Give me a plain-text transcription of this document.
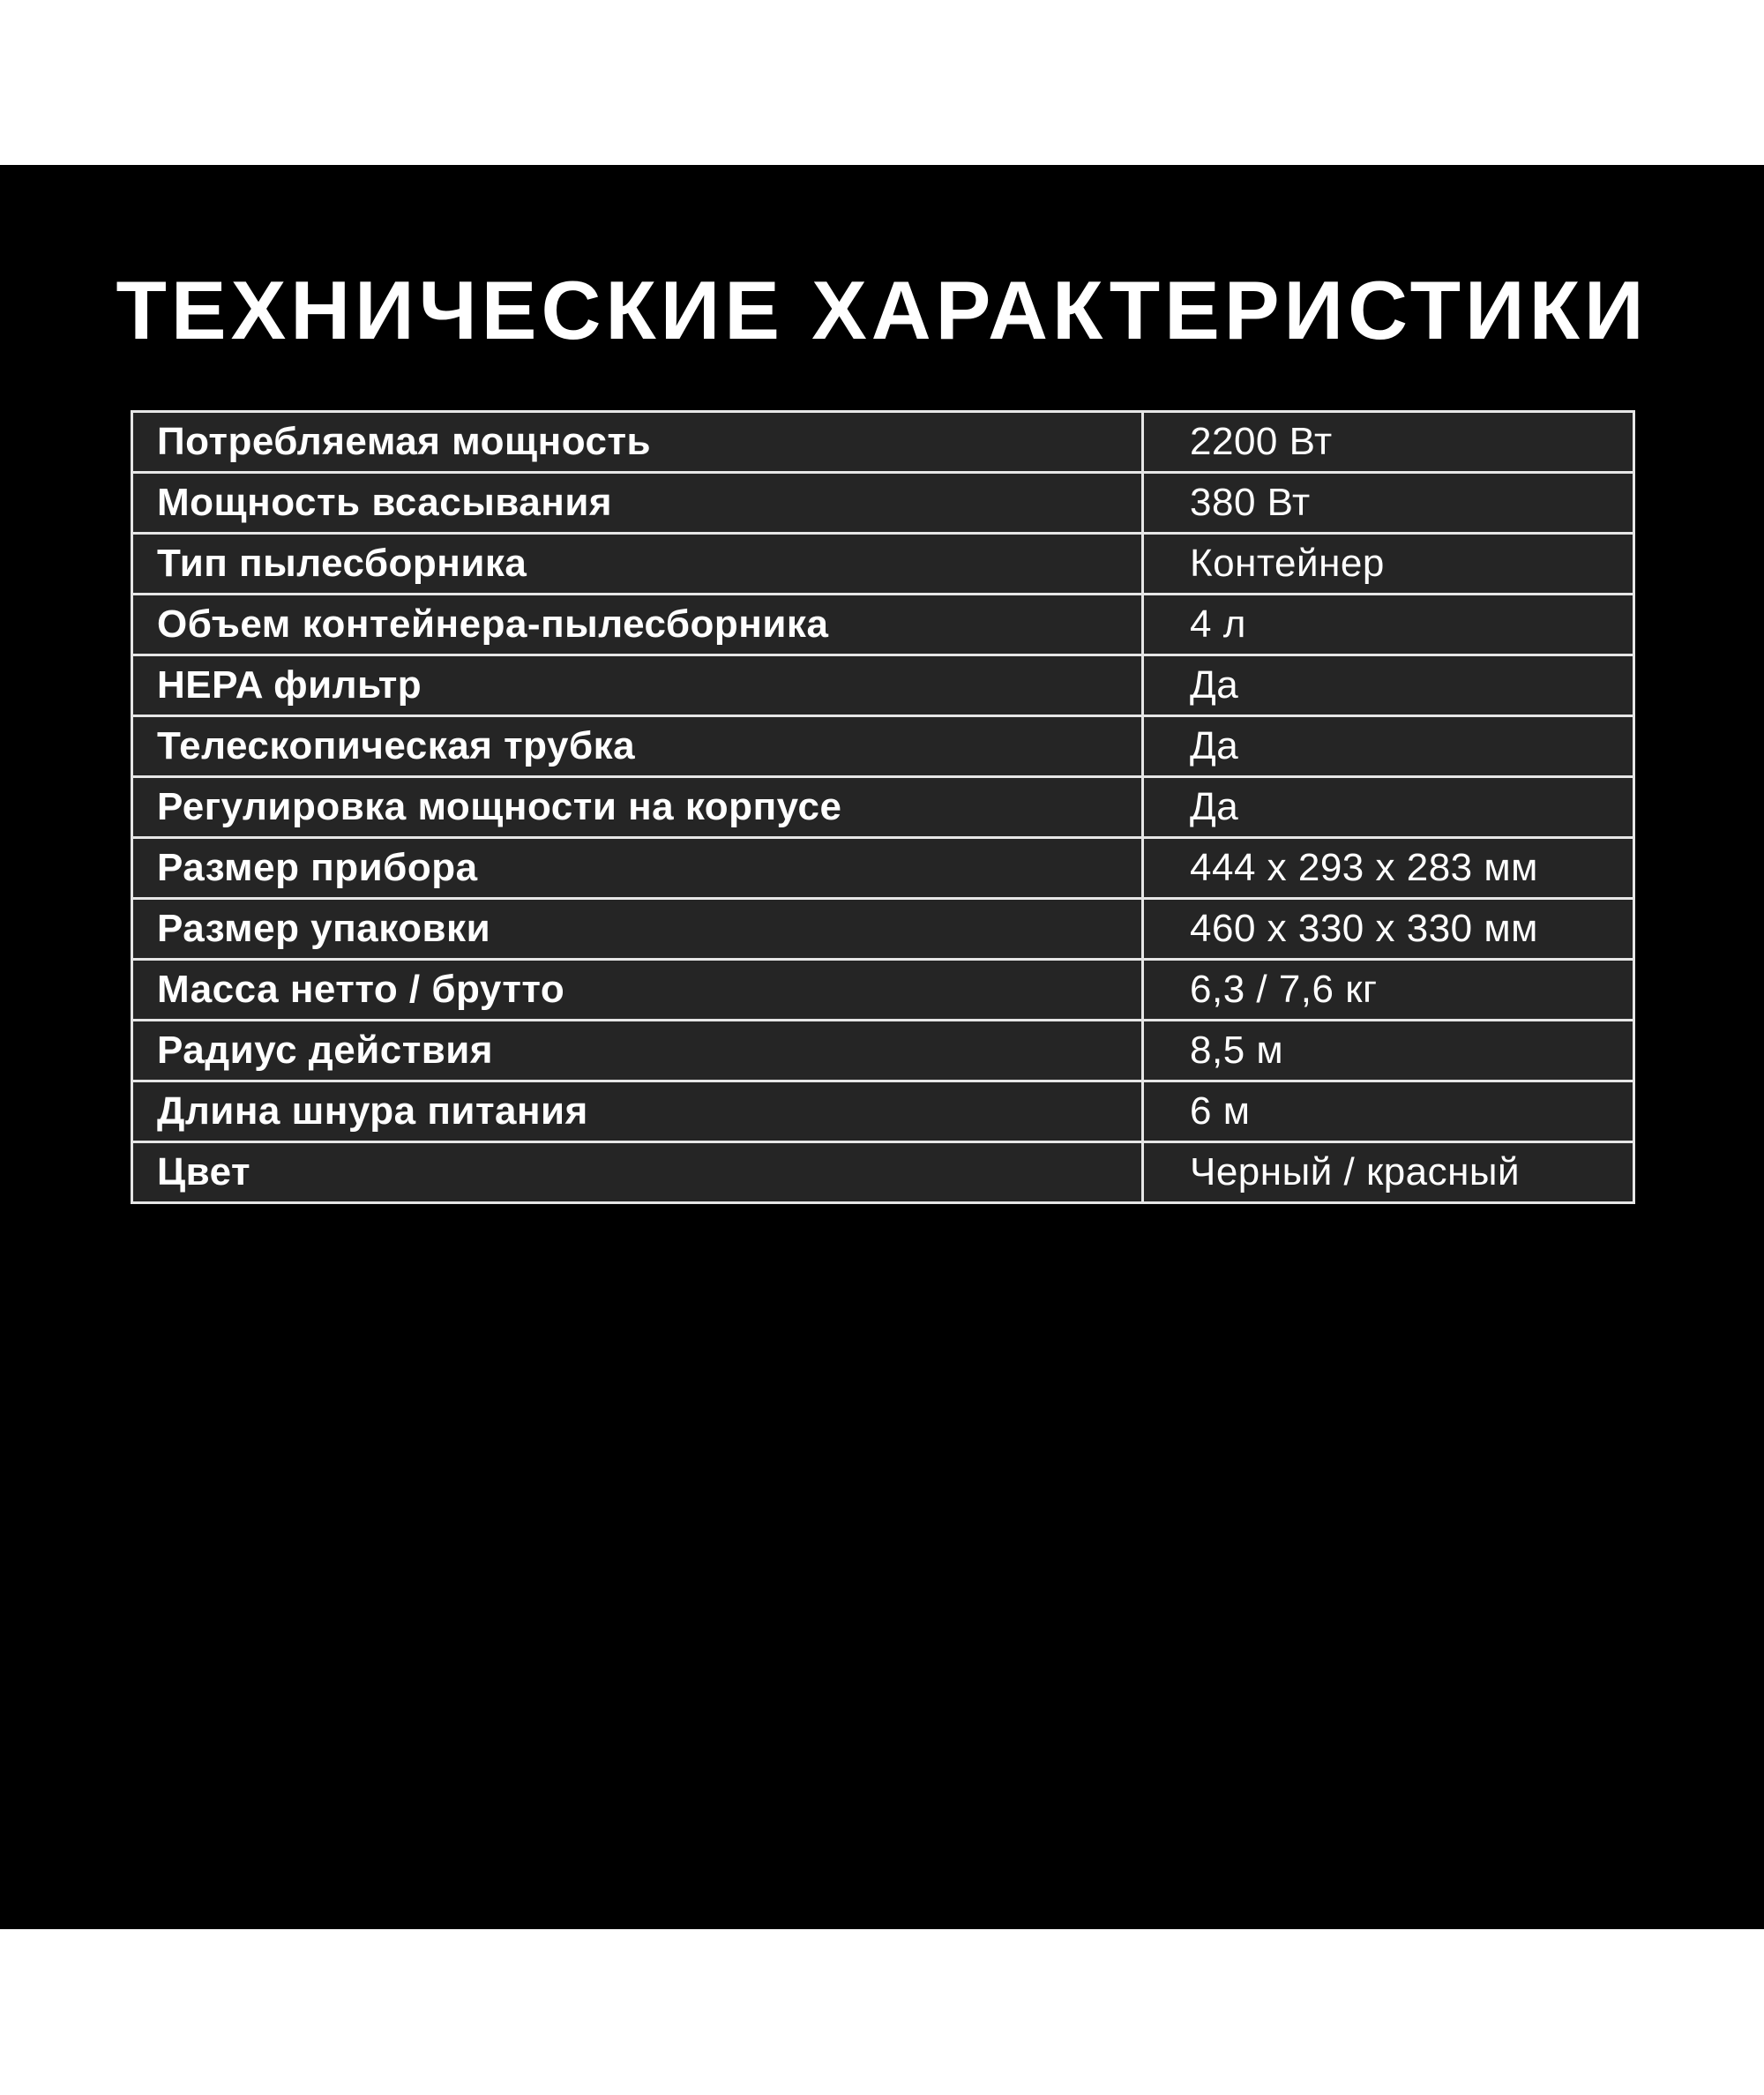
ТЕХНИЧЕСКИЕ ХАРАКТЕРИСТИКИ
Потребляемая мощность	2200 Вт
Мощность всасывания	380 Вт
Тип пылесборника	Контейнер
Объем контейнера-пылесборника	4 л
HEPA фильтр	Да
Телескопическая трубка	Да
Регулировка мощности на корпусе	Да
Размер прибора	444 x 293 x 283 мм
Размер упаковки	460 x 330 x 330 мм
Масса нетто / брутто	6,3 / 7,6 кг
Радиус действия	8,5 м
Длина шнура питания	6 м
Цвет	Черный / красный
